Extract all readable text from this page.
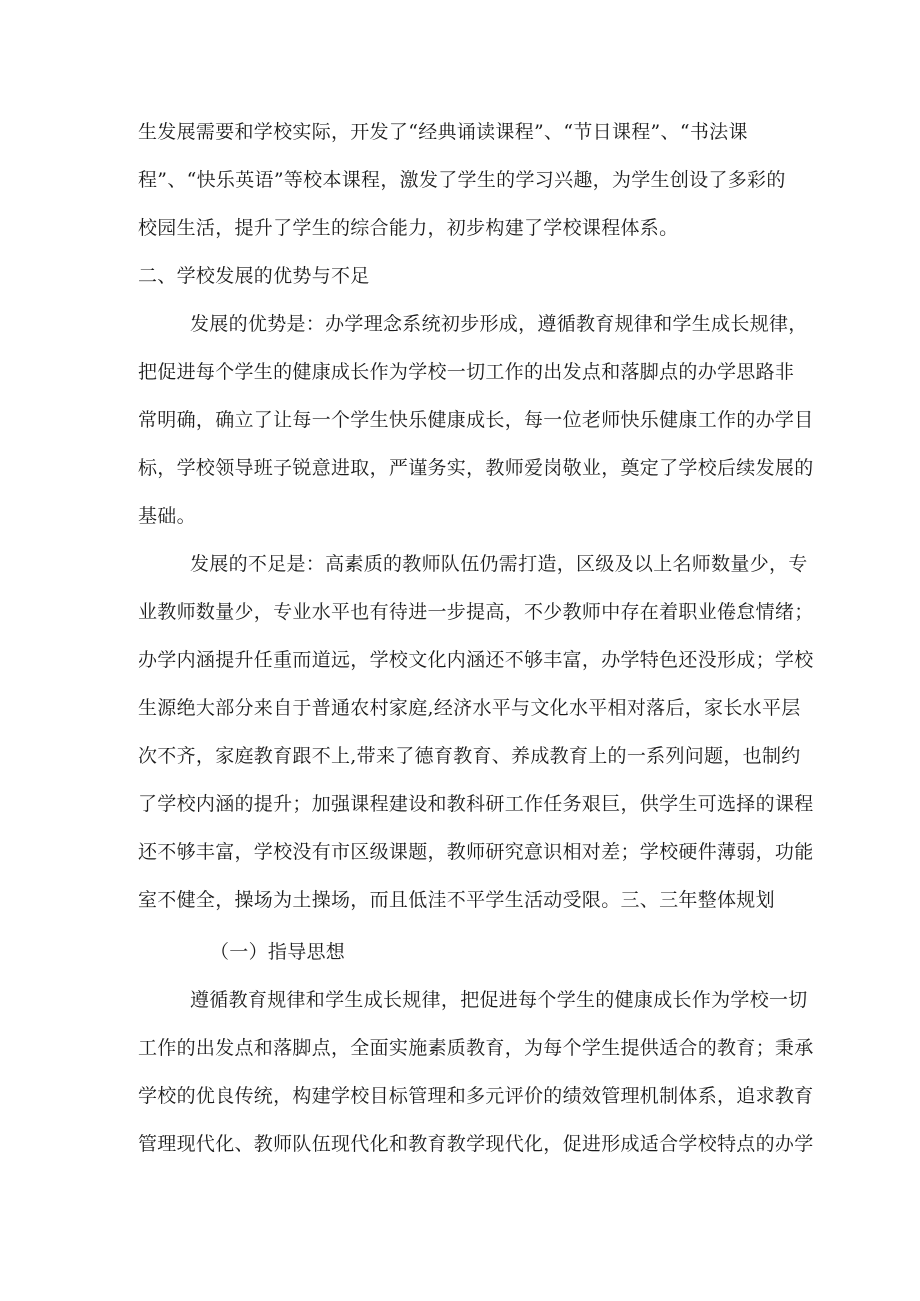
生发展需要和学校实际，开发了“经典诵读课程”、“节日课程”、“书法课
程”、“快乐英语”等校本课程，激发了学生的学习兴趣，为学生创设了多彩的
校园生活，提升了学生的综合能力，初步构建了学校课程体系。
二、学校发展的优势与不足
发展的优势是：办学理念系统初步形成，遵循教育规律和学生成长规律，
把促进每个学生的健康成长作为学校一切工作的出发点和落脚点的办学思路非
常明确，确立了让每一个学生快乐健康成长，每一位老师快乐健康工作的办学目
标，学校领导班子锐意进取，严谨务实，教师爱岗敬业，奠定了学校后续发展的
基础。
发展的不足是：高素质的教师队伍仍需打造，区级及以上名师数量少，专
业教师数量少，专业水平也有待进一步提高，不少教师中存在着职业倦怠情绪；
办学内涵提升任重而道远，学校文化内涵还不够丰富，办学特色还没形成；学校
生源绝大部分来自于普通农村家庭,经济水平与文化水平相对落后，家长水平层
次不齐，家庭教育跟不上,带来了德育教育、养成教育上的一系列问题，也制约
了学校内涵的提升；加强课程建设和教科研工作任务艰巨，供学生可选择的课程
还不够丰富，学校没有市区级课题，教师研究意识相对差；学校硬件薄弱，功能
室不健全，操场为土操场，而且低洼不平学生活动受限。三、三年整体规划
（一）指导思想
遵循教育规律和学生成长规律，把促进每个学生的健康成长作为学校一切
工作的出发点和落脚点，全面实施素质教育，为每个学生提供适合的教育；秉承
学校的优良传统，构建学校目标管理和多元评价的绩效管理机制体系，追求教育
管理现代化、教师队伍现代化和教育教学现代化，促进形成适合学校特点的办学
